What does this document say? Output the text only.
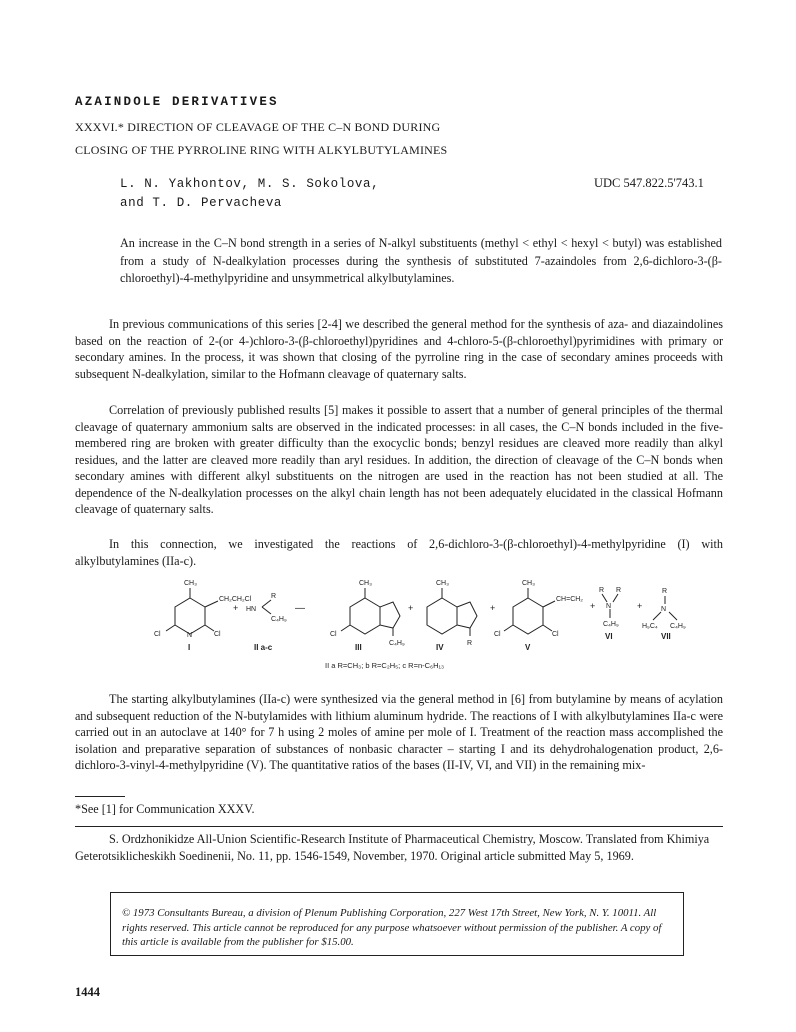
AZAINDOLE DERIVATIVES
XXXVI.* DIRECTION OF CLEAVAGE OF THE C–N BOND DURING
CLOSING OF THE PYRROLINE RING WITH ALKYLBUTYLAMINES
L. N. Yakhontov, M. S. Sokolova,
and T. D. Pervacheva
UDC 547.822.5'743.1
An increase in the C–N bond strength in a series of N-alkyl substituents (methyl < ethyl < hexyl < butyl) was established from a study of N-dealkylation processes during the synthesis of substituted 7-azaindoles from 2,6-dichloro-3-(β-chloroethyl)-4-methylpyridine and unsymmetrical alkylbutylamines.

In previous communications of this series [2-4] we described the general method for the synthesis of aza- and diazaindolines based on the reaction of 2-(or 4-)chloro-3-(β-chloroethyl)pyridines and 4-chloro-5-(β-chloroethyl)pyrimidines with primary or secondary amines. In the process, it was shown that closing of the pyrroline ring in the case of secondary amines proceeds with subsequent N-dealkylation, similar to the Hofmann cleavage of quaternary salts.

Correlation of previously published results [5] makes it possible to assert that a number of general principles of the thermal cleavage of quaternary ammonium salts are observed in the indicated processes: in all cases, the C–N bonds included in the five-membered ring are broken with greater difficulty than the exocyclic bonds; benzyl residues are cleaved more readily than alkyl residues, and the latter are cleaved more readily than aryl residues. In addition, the direction of cleavage of the C–N bonds when secondary amines with different alkyl substituents on the nitrogen are used in the reaction has not been studied at all. The dependence of the N-dealkylation processes on the alkyl chain length has not been adequately elucidated in the classical Hofmann cleavage of quaternary salts.

In this connection, we investigated the reactions of 2,6-dichloro-3-(β-chloroethyl)-4-methylpyridine (I) with alkylbutylamines (IIa-c).

CH₃
CH₂CH₂Cl
Cl	N	Cl
+ HN
R
C₄H₉
—
CH₃
Cl
C₄H₉
+
CH₃
R
+
CH₃
CH=CH₂
Cl	Cl
+ N
R R
C₄H₉
+
R
N
H₉C₄ C₄H₉
I	II a-c	III	IV	V
VI	VII
II a R=CH₃; b R=C₂H₅; c R=n-C₆H₁₃

The starting alkylbutylamines (IIa-c) were synthesized via the general method in [6] from butylamine by means of acylation and subsequent reduction of the N-butylamides with lithium aluminum hydride. The reactions of I with alkylbutylamines IIa-c were carried out in an autoclave at 140° for 7 h using 2 moles of amine per mole of I. Treatment of the reaction mass accomplished the isolation and preparative separation of substances of nonbasic character – starting I and its dehydrohalogenation product, 2,6-dichloro-3-vinyl-4-methylpyridine (V). The quantitative ratios of the bases (II-IV, VI, and VII) in the remaining mix-

*See [1] for Communication XXXV.

S. Ordzhonikidze All-Union Scientific-Research Institute of Pharmaceutical Chemistry, Moscow. Translated from Khimiya Geterotsiklicheskikh Soedinenii, No. 11, pp. 1546-1549, November, 1970. Original article submitted May 5, 1969.

© 1973 Consultants Bureau, a division of Plenum Publishing Corporation, 227 West 17th Street, New York, N. Y. 10011. All rights reserved. This article cannot be reproduced for any purpose whatsoever without permission of the publisher. A copy of this article is available from the publisher for $15.00.
1444
